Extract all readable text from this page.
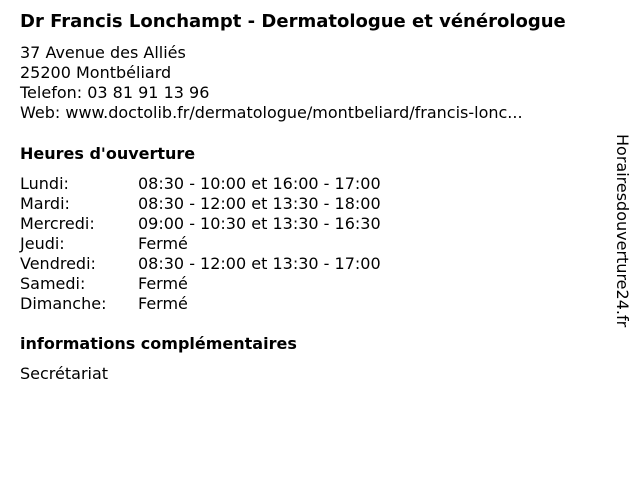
Dr Francis Lonchampt - Dermatologue et vénérologue
37 Avenue des Alliés
25200 Montbéliard
Telefon: 03 81 91 13 96
Web: www.doctolib.fr/dermatologue/montbeliard/francis-lonc...
Heures d'ouverture
Lundi:	08:30 - 10:00 et 16:00 - 17:00
Mardi:	08:30 - 12:00 et 13:30 - 18:00
Mercredi:	09:00 - 10:30 et 13:30 - 16:30
Jeudi:	Fermé
Vendredi:	08:30 - 12:00 et 13:30 - 17:00
Samedi:	Fermé
Dimanche: Fermé
informations complémentaires
Secrétariat
Horairesdouverture24.fr
